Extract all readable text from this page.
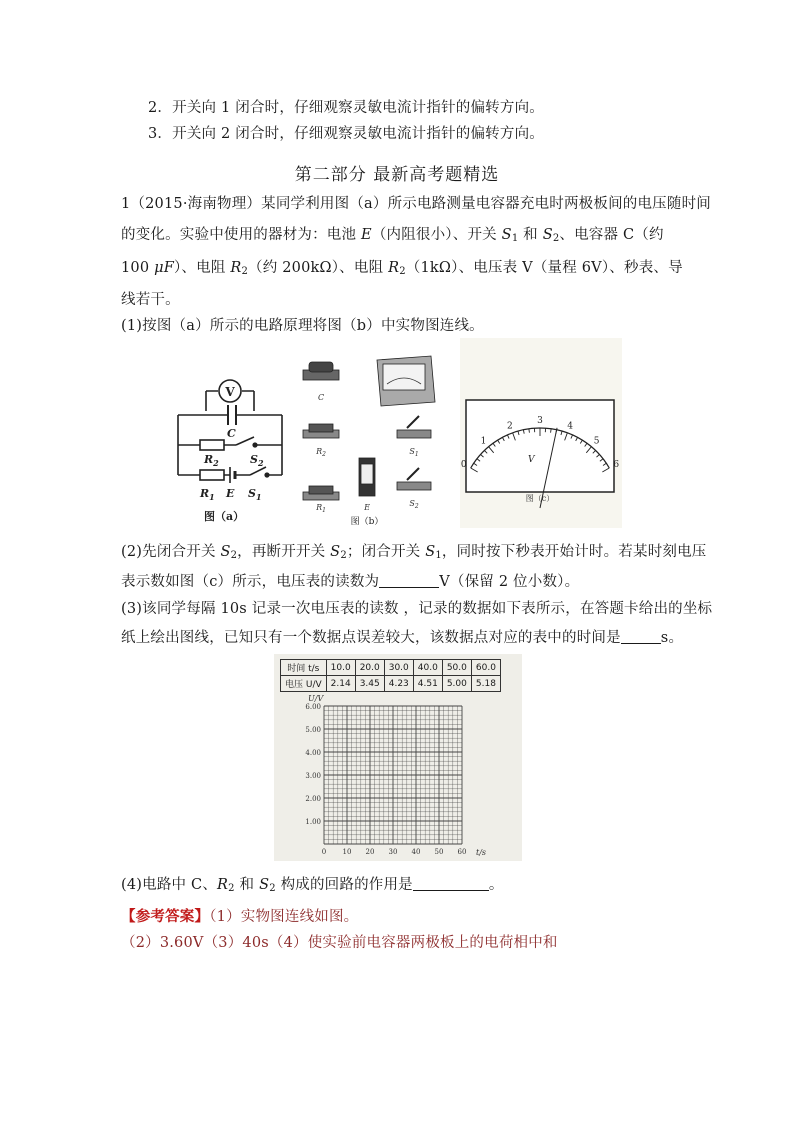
2．开关向 1 闭合时，仔细观察灵敏电流计指针的偏转方向。
3．开关向 2 闭合时，仔细观察灵敏电流计指针的偏转方向。
第二部分 最新高考题精选
1（2015·海南物理）某同学利用图（a）所示电路测量电容器充电时两极板间的电压随时间
的变化。实验中使用的器材为：电池 E（内阻很小）、开关 $S_1$ 和 $S_2$、电容器 C（约
100 μF）、电阻 $R_2$（约 200kΩ）、电阻 $R_2(1k\Omega)$、电压表 V（量程 6V）、秒表、导
线若干。
(1)按图（a）所示的电路原理将图（b）中实物图连线。
V
C
$R_2$	$S_2$
$R_1$ E $S_1$
图（a）
C
$R_2$	$S_1$
$R_1$	E	$S_2$
图（b）
0
1
2
3
4
5
6
V
图（c）
(2)先闭合开关 $S_2$，再断开开关 $S_2$；闭合开关 $S_1$，同时按下秒表开始计时。若某时刻电压
表示数如图（c）所示，电压表的读数为	V（保留 2 位小数）。
(3)该同学每隔 10s 记录一次电压表的读数 ，记录的数据如下表所示，在答题卡给出的坐标
纸上绘出图线，已知只有一个数据点误差较大，该数据点对应的表中的时间是	s。
时间 t/s	10.0	20.0	30.0	40.0	50.0	60.0
电压 U/V	2.14	3.45	4.23	4.51	5.00	5.18
6.00
5.00
4.00
3.00
2.00
1.00
0 10 20 30 40 50 60
U/V
t/s
(4)电路中 C、$R_2$ 和 $S_2$ 构成的回路的作用是	。
【参考答案】（1）实物图连线如图。
（2）3.60V（3）40s（4）使实验前电容器两极板上的电荷相中和
